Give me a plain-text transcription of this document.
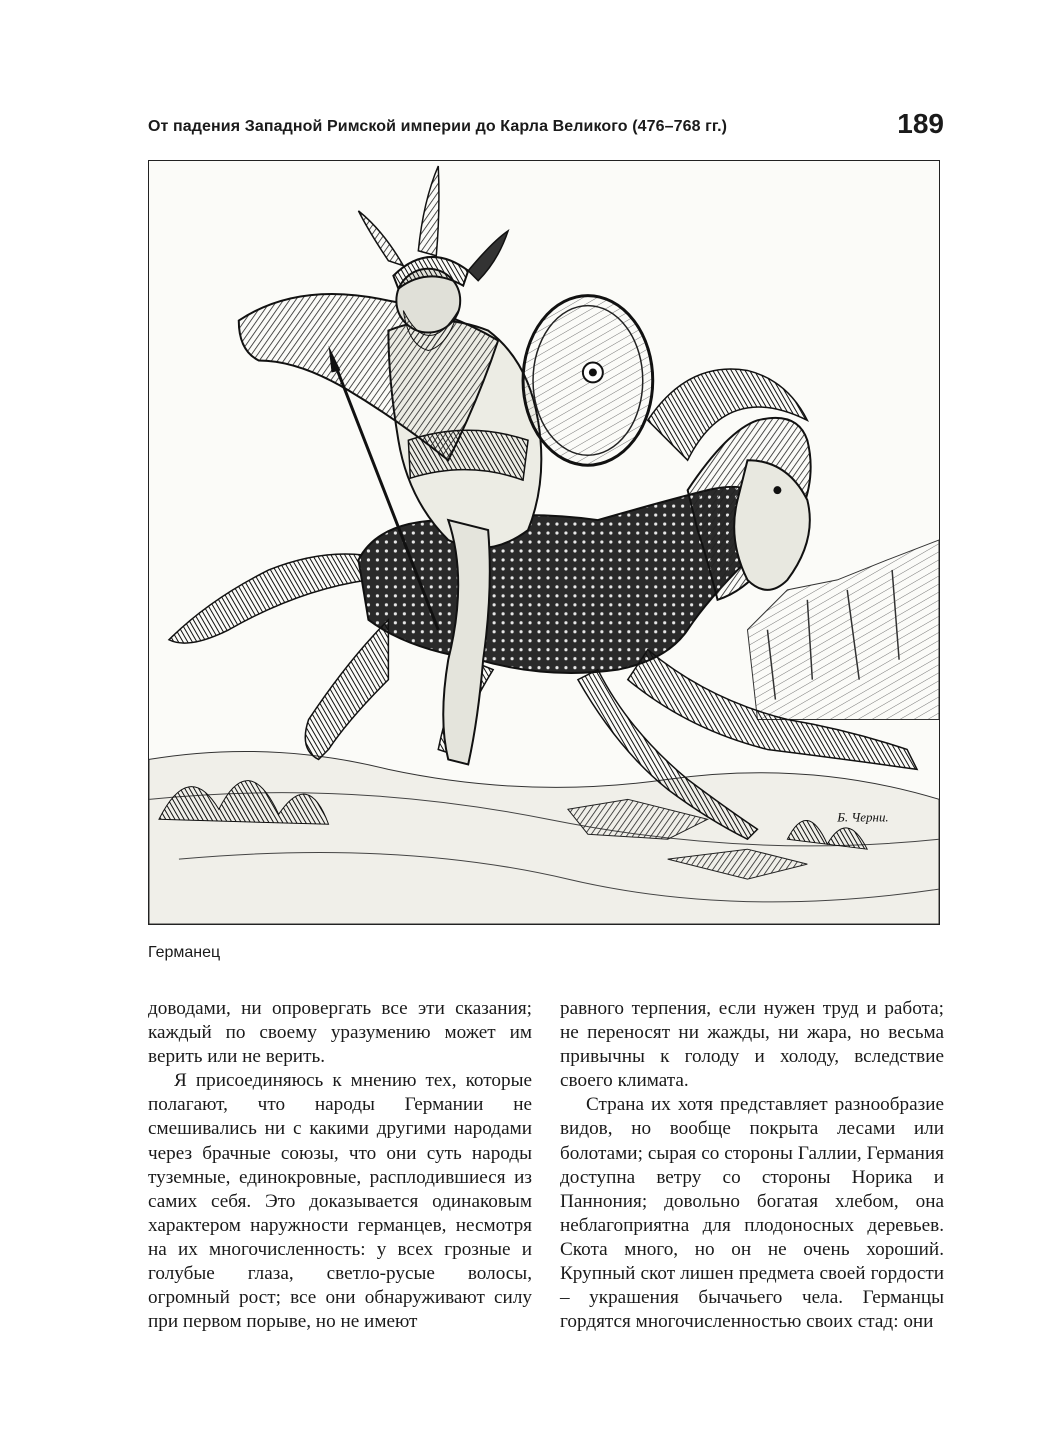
От падения Западной Римской империи до Карла Великого (476–768 гг.)	189
Б. Черни.
Германец

доводами, ни опровергать все эти сказания; каждый по своему уразумению может им верить или не верить.

Я присоединяюсь к мнению тех, которые полагают, что народы Германии не смешивались ни с какими другими народами через брачные союзы, что они суть народы туземные, единокровные, расплодившиеся из самих себя. Это доказывается одинаковым характером наружности германцев, несмотря на их многочисленность: у всех грозные и голубые глаза, светло-русые волосы, огромный рост; все они обнаруживают силу при первом порыве, но не имеют

равного терпения, если нужен труд и работа; не переносят ни жажды, ни жара, но весьма привычны к голоду и холоду, вследствие своего климата.

Страна их хотя представляет разнообразие видов, но вообще покрыта лесами или болотами; сырая со стороны Галлии, Германия доступна ветру со стороны Норика и Паннония; довольно богатая хлебом, она неблагоприятна для плодоносных деревьев. Скота много, но он не очень хороший. Крупный скот лишен предмета своей гордости – украшения бычачьего чела. Германцы гордятся многочисленностью своих стад: они
